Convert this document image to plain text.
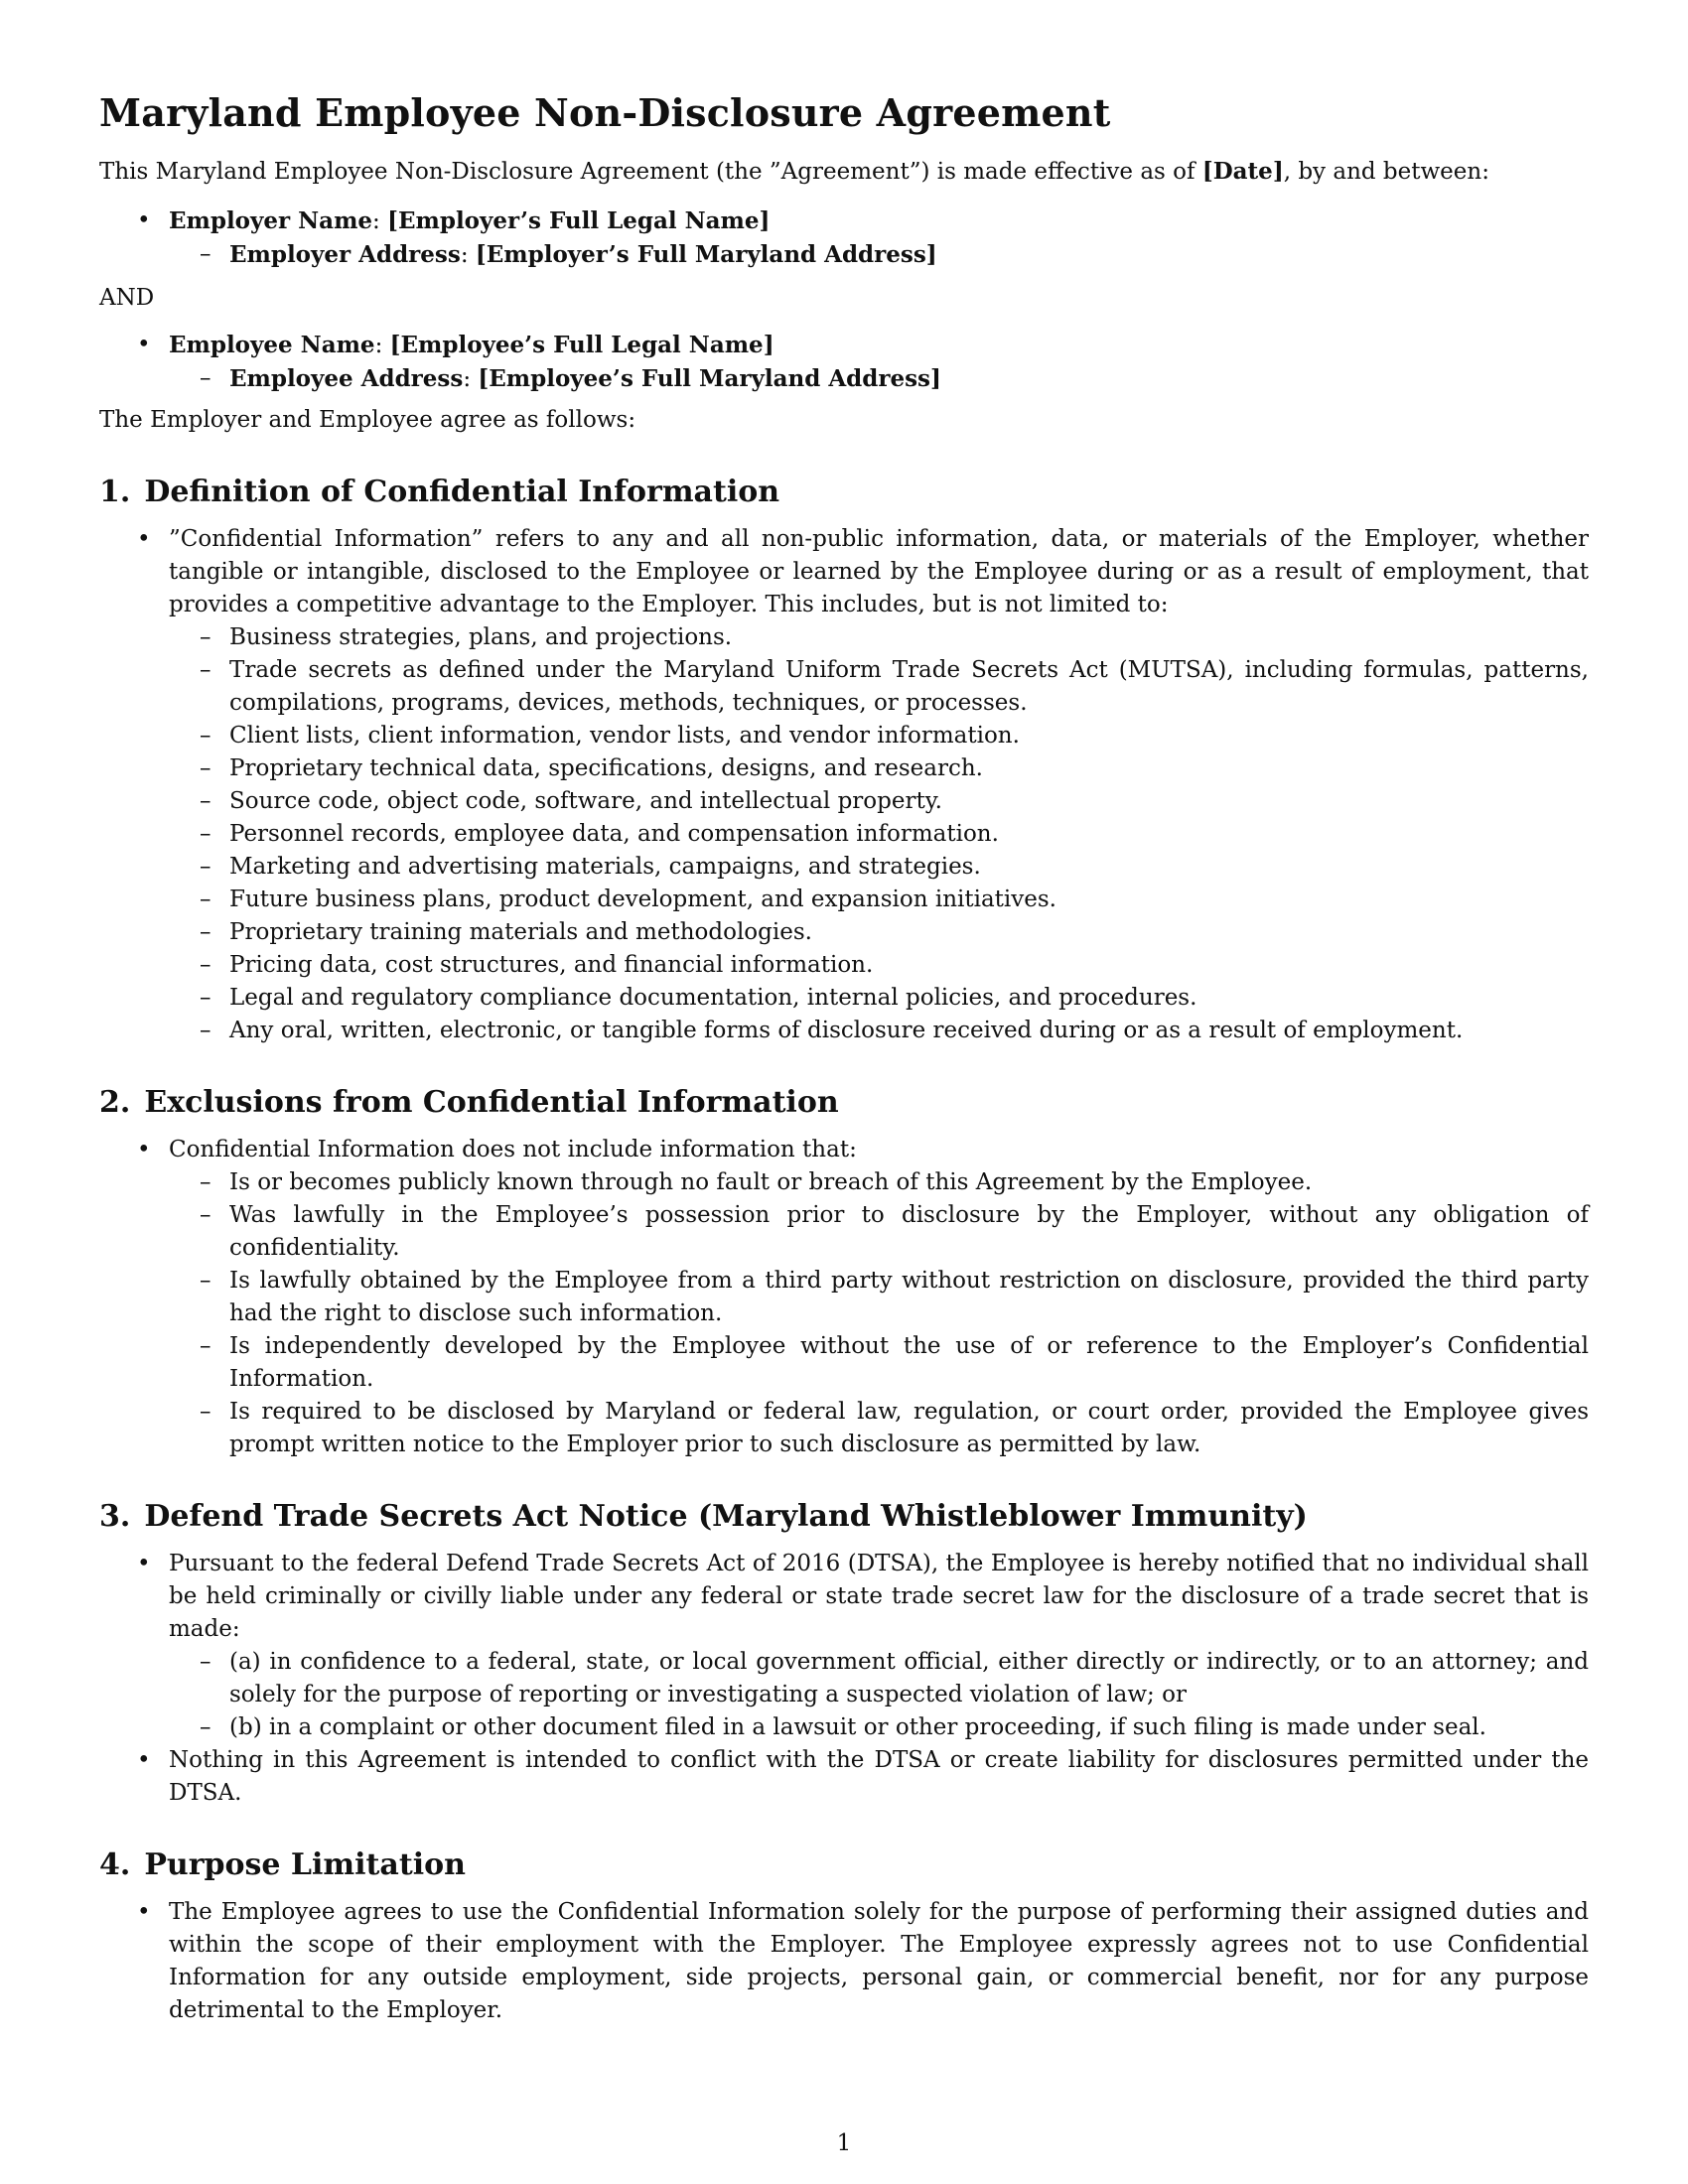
Maryland Employee Non-Disclosure Agreement

This Maryland Employee Non-Disclosure Agreement (the ”Agreement”) is made effective as of [Date], by and between:

• Employer Name: [Employer’s Full Legal Name]
– Employer Address: [Employer’s Full Maryland Address]

AND

• Employee Name: [Employee’s Full Legal Name]
– Employee Address: [Employee’s Full Maryland Address]

The Employer and Employee agree as follows:

1. Definition of Confidential Information
• ”Confidential Information” refers to any and all non-public information, data, or materials of the Employer, whether tangible or intangible, disclosed to the Employee or learned by the Employee during or as a result of employment, that provides a competitive advantage to the Employer. This includes, but is not limited to:
– Business strategies, plans, and projections.
– Trade secrets as defined under the Maryland Uniform Trade Secrets Act (MUTSA), including formulas, patterns, compilations, programs, devices, methods, techniques, or processes.
– Client lists, client information, vendor lists, and vendor information.
– Proprietary technical data, specifications, designs, and research.
– Source code, object code, software, and intellectual property.
– Personnel records, employee data, and compensation information.
– Marketing and advertising materials, campaigns, and strategies.
– Future business plans, product development, and expansion initiatives.
– Proprietary training materials and methodologies.
– Pricing data, cost structures, and financial information.
– Legal and regulatory compliance documentation, internal policies, and procedures.
– Any oral, written, electronic, or tangible forms of disclosure received during or as a result of employment.
2. Exclusions from Confidential Information
• Confidential Information does not include information that:
– Is or becomes publicly known through no fault or breach of this Agreement by the Employee.
– Was lawfully in the Employee’s possession prior to disclosure by the Employer, without any obligation of confidentiality.
– Is lawfully obtained by the Employee from a third party without restriction on disclosure, provided the third party had the right to disclose such information.
– Is independently developed by the Employee without the use of or reference to the Employer’s Confidential Information.
– Is required to be disclosed by Maryland or federal law, regulation, or court order, provided the Employee gives prompt written notice to the Employer prior to such disclosure as permitted by law.
3. Defend Trade Secrets Act Notice (Maryland Whistleblower Immunity)
• Pursuant to the federal Defend Trade Secrets Act of 2016 (DTSA), the Employee is hereby notified that no individual shall be held criminally or civilly liable under any federal or state trade secret law for the disclosure of a trade secret that is made:
– (a) in confidence to a federal, state, or local government official, either directly or indirectly, or to an attorney; and solely for the purpose of reporting or investigating a suspected violation of law; or
– (b) in a complaint or other document filed in a lawsuit or other proceeding, if such filing is made under seal.
• Nothing in this Agreement is intended to conflict with the DTSA or create liability for disclosures permitted under the DTSA.
4. Purpose Limitation
• The Employee agrees to use the Confidential Information solely for the purpose of performing their assigned duties and within the scope of their employment with the Employer. The Employee expressly agrees not to use Confidential Information for any outside employment, side projects, personal gain, or commercial benefit, nor for any purpose detrimental to the Employer.
1
